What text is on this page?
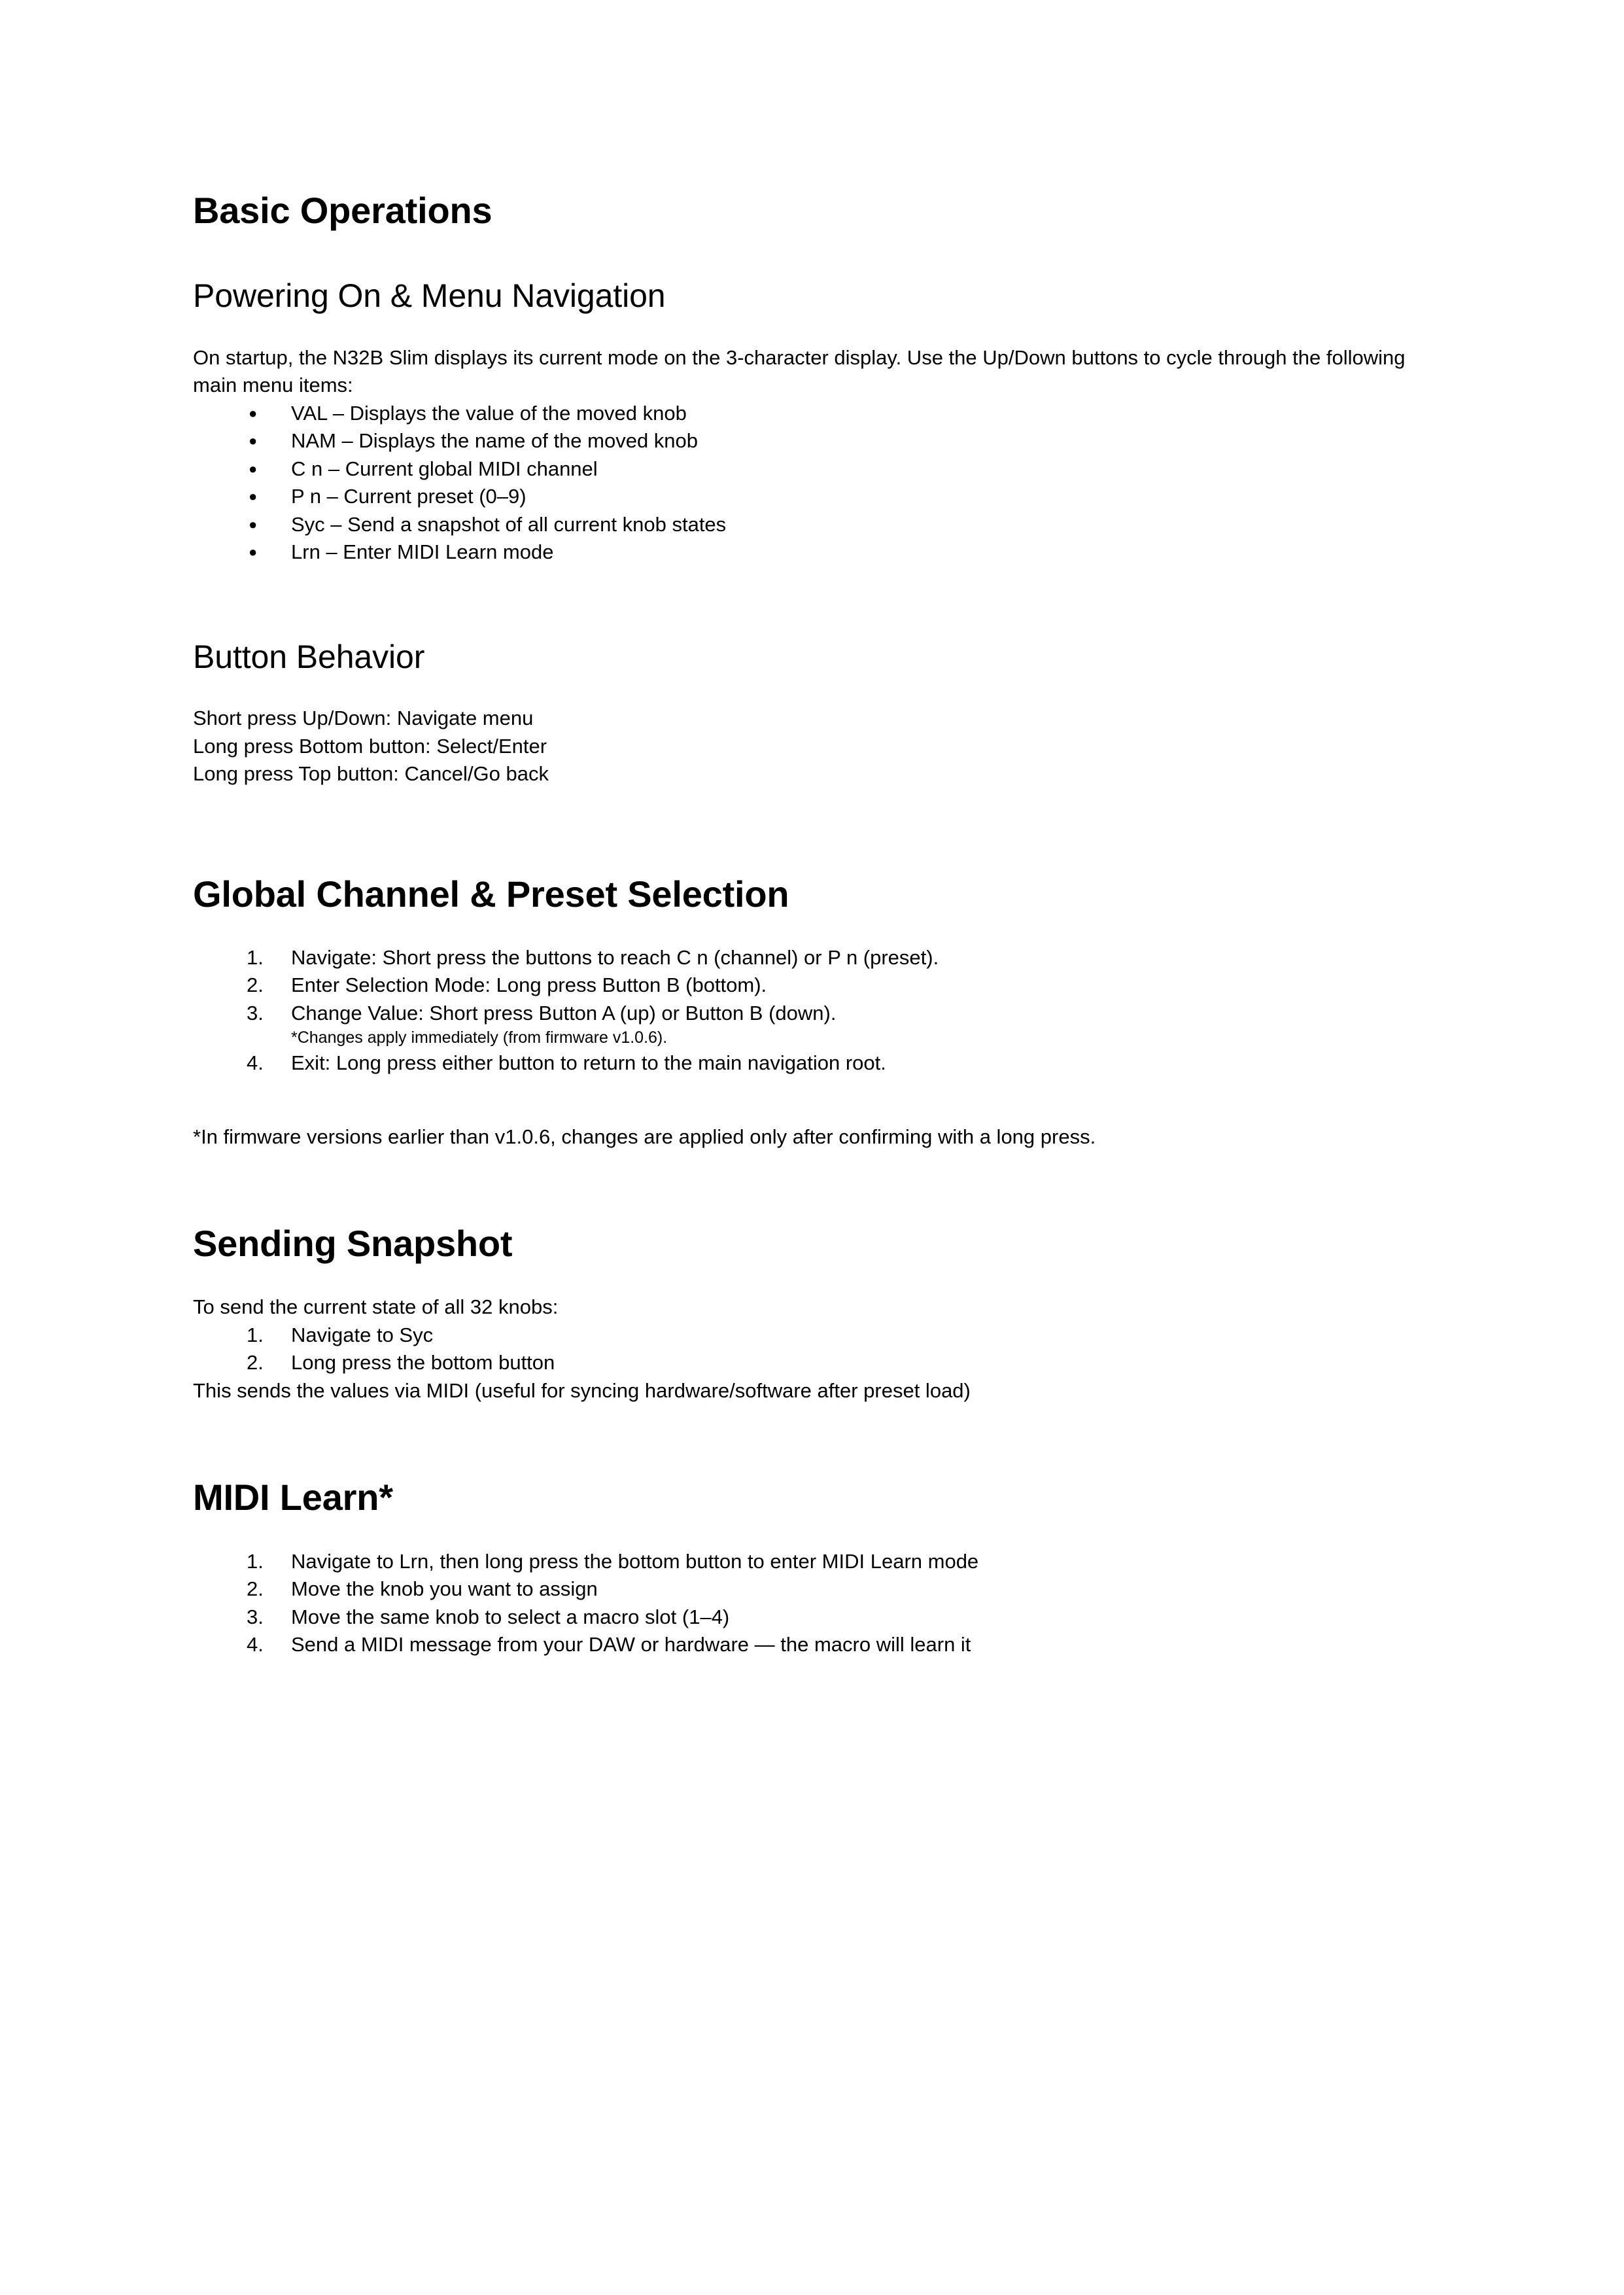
Basic Operations
Powering On & Menu Navigation

On startup, the N32B Slim displays its current mode on the 3-character display. Use the Up/Down buttons to cycle through the following main menu items:

● VAL – Displays the value of the moved knob
● NAM – Displays the name of the moved knob
● C n – Current global MIDI channel
● P n – Current preset (0–9)
● Syc – Send a snapshot of all current knob states
● Lrn – Enter MIDI Learn mode
Button Behavior

Short press Up/Down: Navigate menu

Long press Bottom button: Select/Enter

Long press Top button: Cancel/Go back

Global Channel & Preset Selection
Navigate: Short press the buttons to reach C n (channel) or P n (preset).
Enter Selection Mode: Long press Button B (bottom).
Change Value: Short press Button A (up) or Button B (down).
*Changes apply immediately (from firmware v1.0.6).
Exit: Long press either button to return to the main navigation root.

*In firmware versions earlier than v1.0.6, changes are applied only after confirming with a long press.

Sending Snapshot

To send the current state of all 32 knobs:

Navigate to Syc
Long press the bottom button

This sends the values via MIDI (useful for syncing hardware/software after preset load)

MIDI Learn*
Navigate to Lrn, then long press the bottom button to enter MIDI Learn mode
Move the knob you want to assign
Move the same knob to select a macro slot (1–4)
Send a MIDI message from your DAW or hardware — the macro will learn it
